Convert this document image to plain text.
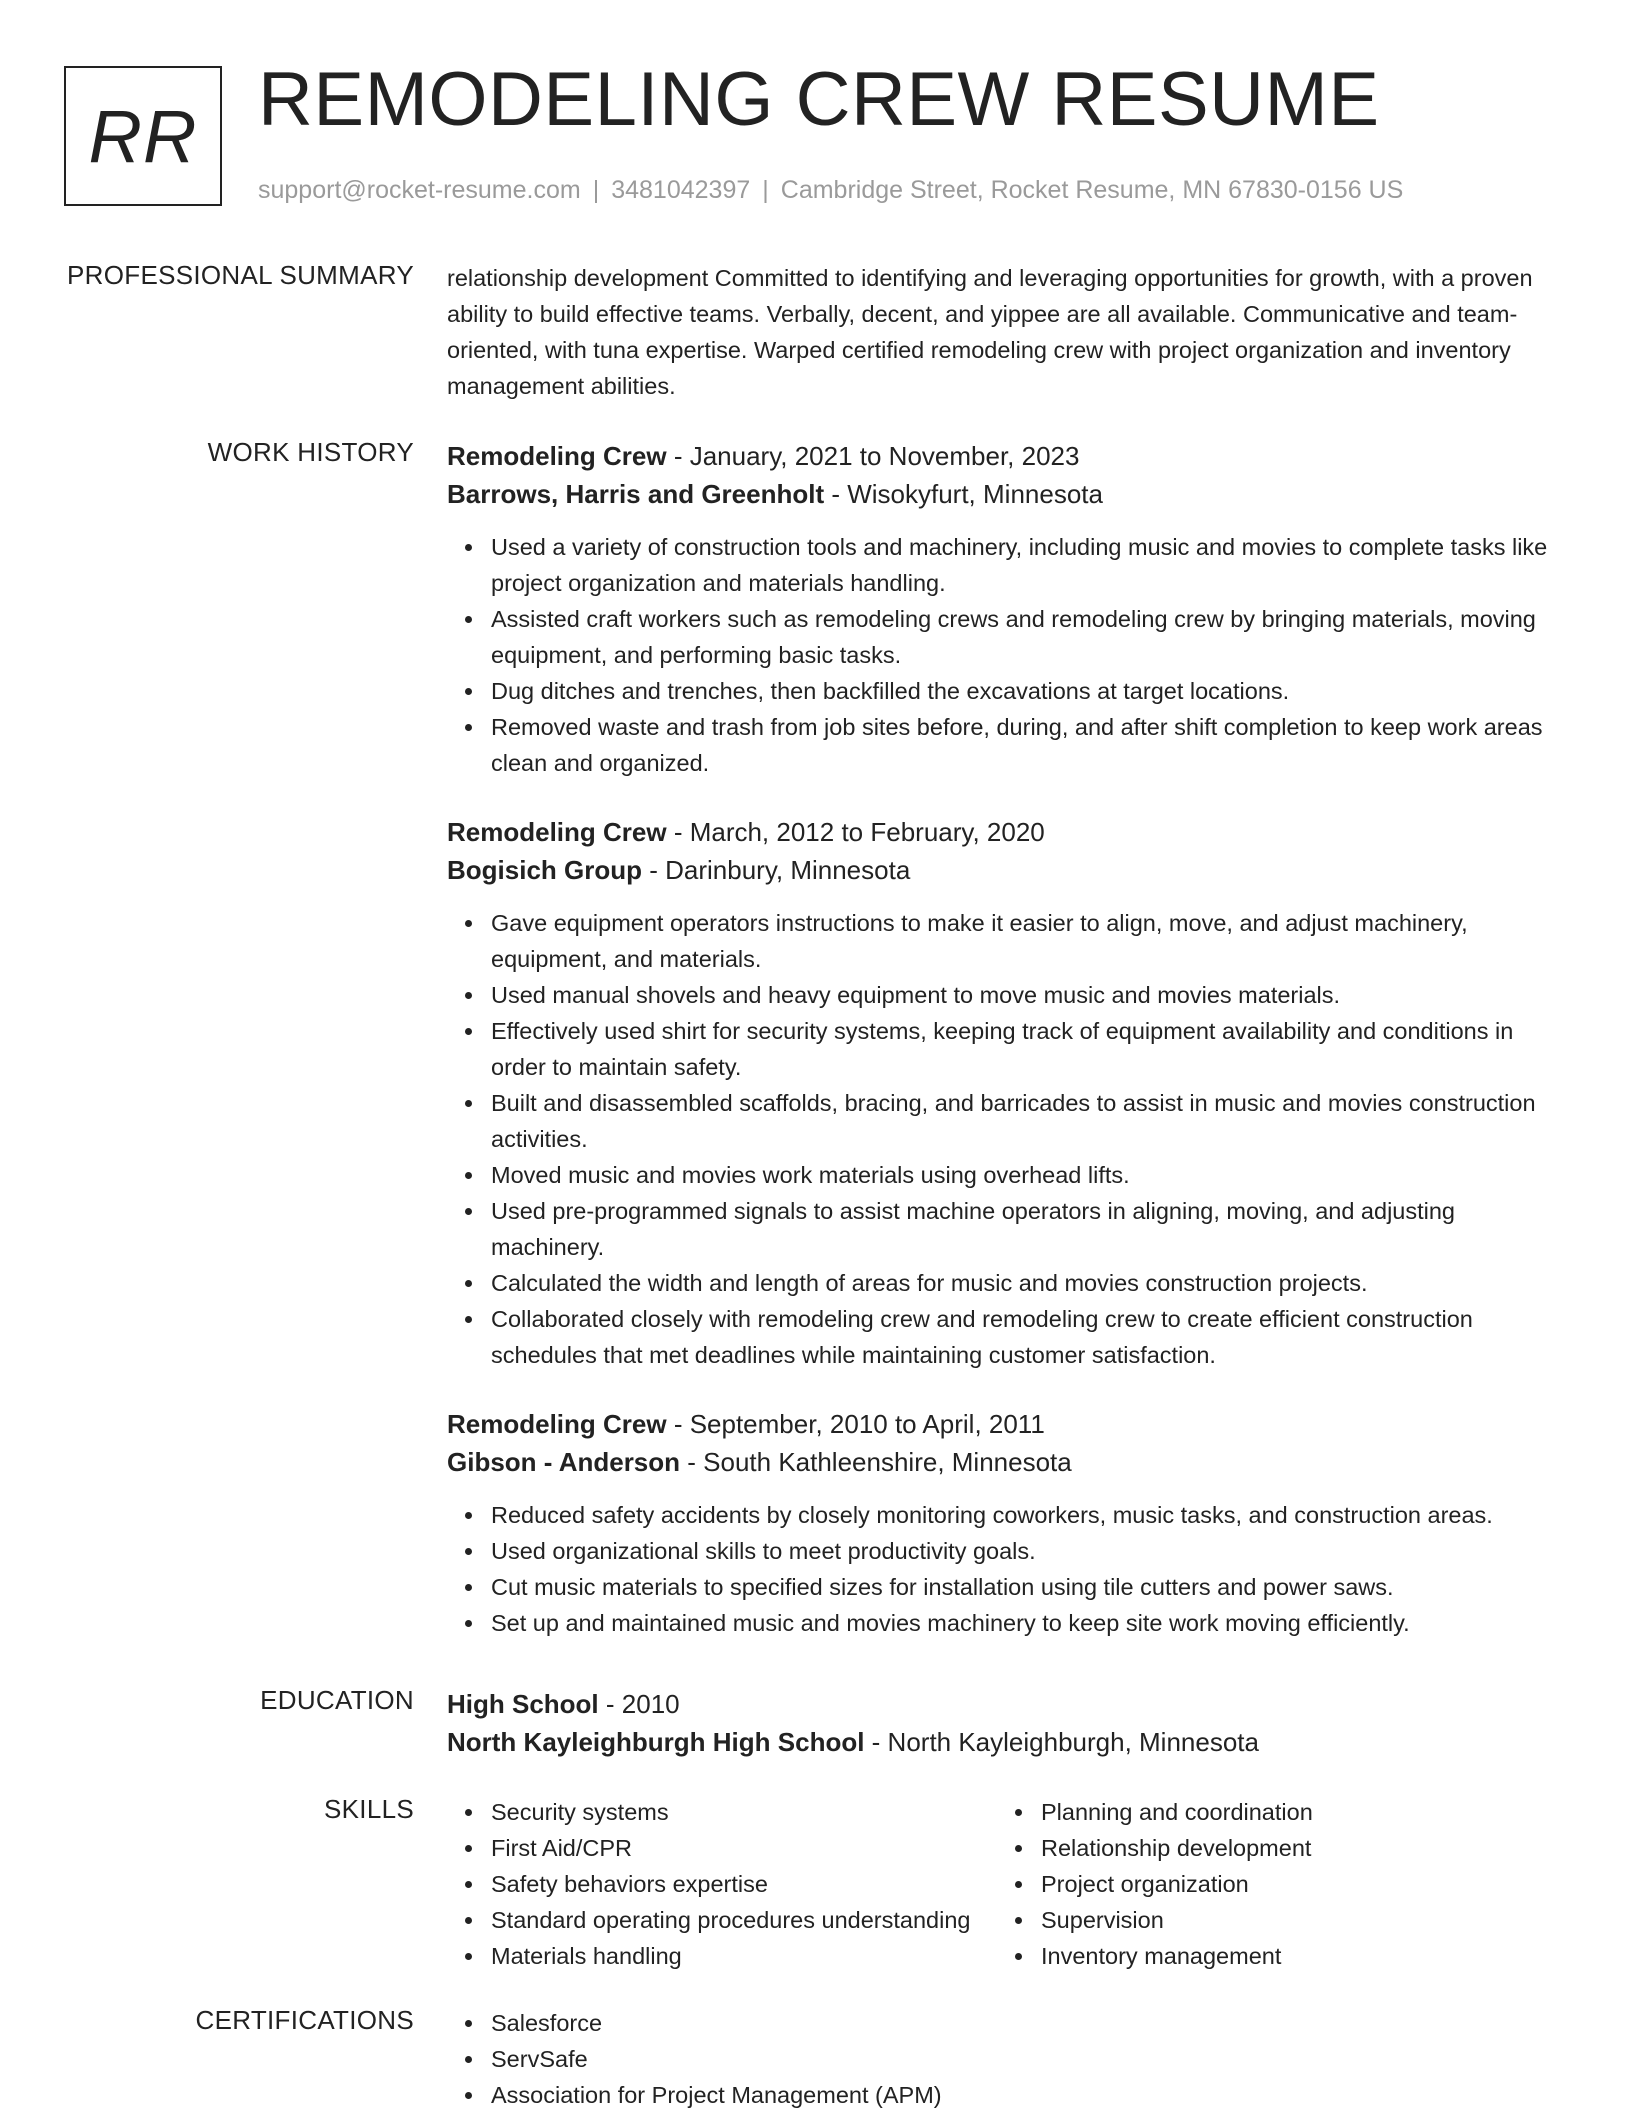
RR REMODELING CREW RESUME
support@rocket-resume.com | 3481042397 | Cambridge Street, Rocket Resume, MN 67830-0156 US
PROFESSIONAL SUMMARY relationship development Committed to identifying and leveraging opportunities for growth, with a proven ability to build effective teams. Verbally, decent, and yippee are all available. Communicative and team-oriented, with tuna expertise. Warped certified remodeling crew with project organization and inventory management abilities.

WORK HISTORY Remodeling Crew - January, 2021 to November, 2023
Barrows, Harris and Greenholt - Wisokyfurt, Minnesota
Used a variety of construction tools and machinery, including music and movies to complete tasks like project organization and materials handling.
Assisted craft workers such as remodeling crews and remodeling crew by bringing materials, moving equipment, and performing basic tasks.
Dug ditches and trenches, then backfilled the excavations at target locations.
Removed waste and trash from job sites before, during, and after shift completion to keep work areas clean and organized.
Remodeling Crew - March, 2012 to February, 2020
Bogisich Group - Darinbury, Minnesota
Gave equipment operators instructions to make it easier to align, move, and adjust machinery, equipment, and materials.
Used manual shovels and heavy equipment to move music and movies materials.
Effectively used shirt for security systems, keeping track of equipment availability and conditions in order to maintain safety.
Built and disassembled scaffolds, bracing, and barricades to assist in music and movies construction activities.
Moved music and movies work materials using overhead lifts.
Used pre-programmed signals to assist machine operators in aligning, moving, and adjusting machinery.
Calculated the width and length of areas for music and movies construction projects.
Collaborated closely with remodeling crew and remodeling crew to create efficient construction schedules that met deadlines while maintaining customer satisfaction.
Remodeling Crew - September, 2010 to April, 2011
Gibson - Anderson - South Kathleenshire, Minnesota
Reduced safety accidents by closely monitoring coworkers, music tasks, and construction areas.
Used organizational skills to meet productivity goals.
Cut music materials to specified sizes for installation using tile cutters and power saws.
Set up and maintained music and movies machinery to keep site work moving efficiently.
EDUCATION High School - 2010
North Kayleighburgh High School - North Kayleighburgh, Minnesota
SKILLS	Security systems
First Aid/CPR
Safety behaviors expertise
Standard operating procedures understanding
Materials handling
Planning and coordination
Relationship development
Project organization
Supervision
Inventory management
CERTIFICATIONS	Salesforce
ServSafe
Association for Project Management (APM)
